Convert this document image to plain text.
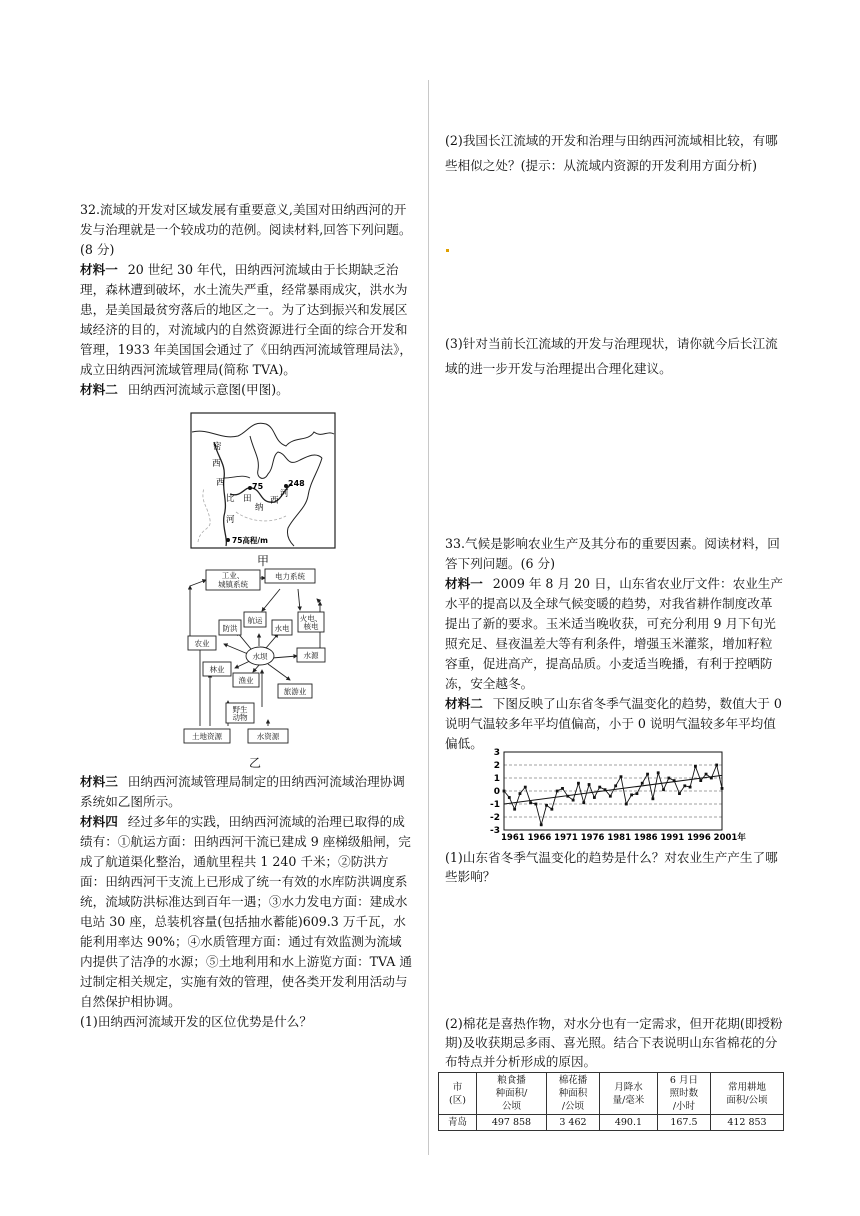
32.流域的开发对区域发展有重要意义,美国对田纳西河的开发与治理就是一个较成功的范例。阅读材料,回答下列问题。(8 分)

材料一 20 世纪 30 年代，田纳西河流域由于长期缺乏治理，森林遭到破坏，水土流失严重，经常暴雨成灾，洪水为患，是美国最贫穷落后的地区之一。为了达到振兴和发展区域经济的目的，对流域内的自然资源进行全面的综合开发和管理，1933 年美国国会通过了《田纳西河流域管理局法》，成立田纳西河流域管理局(简称 TVA)。

材料二 田纳西河流域示意图(甲图)。

密
西
西
比
河
75
田
纳
西
河
248
75高程/m
甲
工业、
城镇系统
电力系统
航运
防洪	水电
火电、
核电
农业
水坝	水源
林业
渔业
旅游业
野生
动物
土地资源	水资源
乙

材料三 田纳西河流域管理局制定的田纳西河流域治理协调系统如乙图所示。

材料四 经过多年的实践，田纳西河流域的治理已取得的成绩有：①航运方面：田纳西河干流已建成 9 座梯级船闸，完成了航道渠化整治，通航里程共 1 240 千米；②防洪方面：田纳西河干支流上已形成了统一有效的水库防洪调度系统，流域防洪标准达到百年一遇；③水力发电方面：建成水电站 30 座，总装机容量(包括抽水蓄能)609.3 万千瓦，水能利用率达 90%；④水质管理方面：通过有效监测为流域内提供了洁净的水源；⑤土地利用和水上游览方面：TVA 通过制定相关规定，实施有效的管理，使各类开发利用活动与自然保护相协调。

(1)田纳西河流域开发的区位优势是什么？

(2)我国长江流域的开发和治理与田纳西河流域相比较，有哪些相似之处？(提示：从流域内资源的开发利用方面分析)

(3)针对当前长江流域的开发与治理现状，请你就今后长江流域的进一步开发与治理提出合理化建议。

33.气候是影响农业生产及其分布的重要因素。阅读材料，回答下列问题。(6 分)

材料一 2009 年 8 月 20 日，山东省农业厅文件：农业生产水平的提高以及全球气候变暖的趋势，对我省耕作制度改革提出了新的要求。玉米适当晚收获，可充分利用 9 月下旬光照充足、昼夜温差大等有利条件，增强玉米灌浆，增加籽粒容重，促进高产，提高品质。小麦适当晚播，有利于控晒防冻，安全越冬。

材料二 下图反映了山东省冬季气温变化的趋势，数值大于 0 说明气温较多年平均值偏高，小于 0 说明气温较多年平均值偏低。

3
2
1
0
-1
-2
-3
1961 1966 1971 1976 1981 1986 1991 1996 2001年

(1)山东省冬季气温变化的趋势是什么？对农业生产产生了哪些影响？

(2)棉花是喜热作物，对水分也有一定需求，但开花期(即授粉期)及收获期忌多雨、喜光照。结合下表说明山东省棉花的分布特点并分析形成的原因。

市
(区)	粮食播
种面积/
公顷	棉花播
种面积
/公顷	月降水
量/毫米	6 月日
照时数
/小时	常用耕地
面积/公顷
青岛	497 858	3 462	490.1	167.5	412 853
